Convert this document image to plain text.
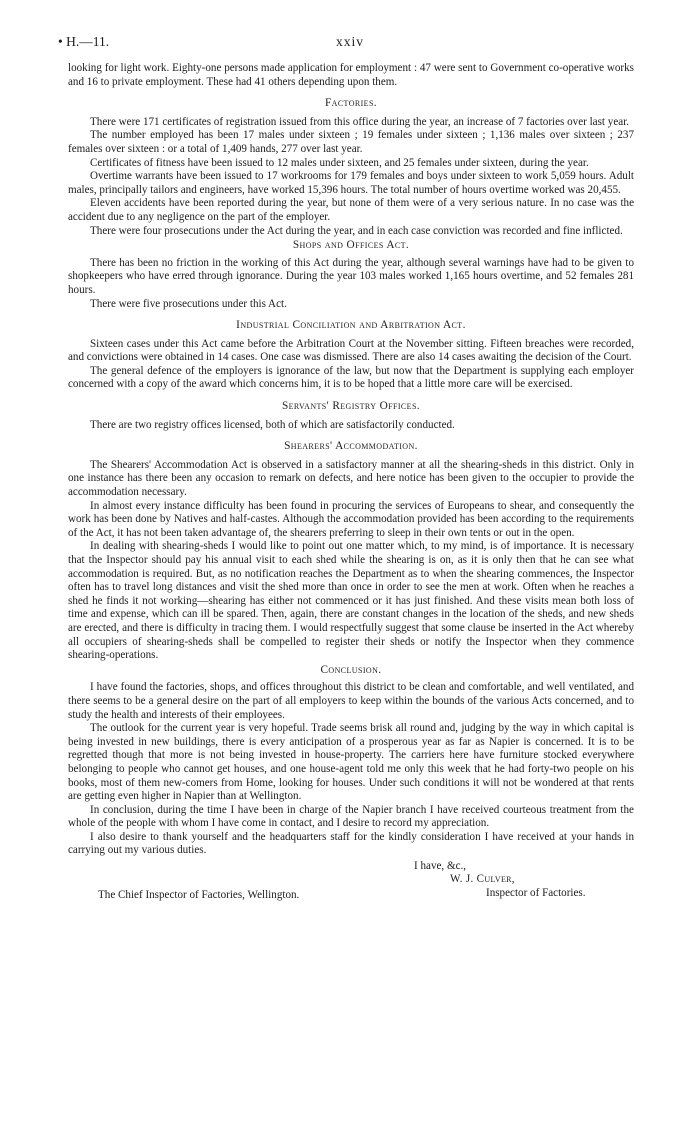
• H.—11.	xxiv

looking for light work. Eighty-one persons made application for employment : 47 were sent to Government co-operative works and 16 to private employment. These had 41 others depending upon them.

Factories.

There were 171 certificates of registration issued from this office during the year, an increase of 7 factories over last year.

The number employed has been 17 males under sixteen ; 19 females under sixteen ; 1,136 males over sixteen ; 237 females over sixteen : or a total of 1,409 hands, 277 over last year.

Certificates of fitness have been issued to 12 males under sixteen, and 25 females under sixteen, during the year.

Overtime warrants have been issued to 17 workrooms for 179 females and boys under sixteen to work 5,059 hours. Adult males, principally tailors and engineers, have worked 15,396 hours. The total number of hours overtime worked was 20,455.

Eleven accidents have been reported during the year, but none of them were of a very serious nature. In no case was the accident due to any negligence on the part of the employer.

There were four prosecutions under the Act during the year, and in each case conviction was recorded and fine inflicted.

Shops and Offices Act.

There has been no friction in the working of this Act during the year, although several warnings have had to be given to shopkeepers who have erred through ignorance. During the year 103 males worked 1,165 hours overtime, and 52 females 281 hours.

There were five prosecutions under this Act.

Industrial Conciliation and Arbitration Act.

Sixteen cases under this Act came before the Arbitration Court at the November sitting. Fifteen breaches were recorded, and convictions were obtained in 14 cases. One case was dismissed. There are also 14 cases awaiting the decision of the Court.

The general defence of the employers is ignorance of the law, but now that the Department is supplying each employer concerned with a copy of the award which concerns him, it is to be hoped that a little more care will be exercised.

Servants' Registry Offices.

There are two registry offices licensed, both of which are satisfactorily conducted.

Shearers' Accommodation.

The Shearers' Accommodation Act is observed in a satisfactory manner at all the shearing-sheds in this district. Only in one instance has there been any occasion to remark on defects, and here notice has been given to the occupier to provide the accommodation necessary.

In almost every instance difficulty has been found in procuring the services of Europeans to shear, and consequently the work has been done by Natives and half-castes. Although the accommodation provided has been according to the requirements of the Act, it has not been taken advantage of, the shearers preferring to sleep in their own tents or out in the open.

In dealing with shearing-sheds I would like to point out one matter which, to my mind, is of importance. It is necessary that the Inspector should pay his annual visit to each shed while the shearing is on, as it is only then that he can see what accommodation is required. But, as no notification reaches the Department as to when the shearing commences, the Inspector often has to travel long distances and visit the shed more than once in order to see the men at work. Often when he reaches a shed he finds it not working—shearing has either not commenced or it has just finished. And these visits mean both loss of time and expense, which can ill be spared. Then, again, there are constant changes in the location of the sheds, and new sheds are erected, and there is difficulty in tracing them. I would respectfully suggest that some clause be inserted in the Act whereby all occupiers of shearing-sheds shall be compelled to register their sheds or notify the Inspector when they commence shearing-operations.

Conclusion.

I have found the factories, shops, and offices throughout this district to be clean and comfortable, and well ventilated, and there seems to be a general desire on the part of all employers to keep within the bounds of the various Acts concerned, and to study the health and interests of their employees.

The outlook for the current year is very hopeful. Trade seems brisk all round and, judging by the way in which capital is being invested in new buildings, there is every anticipation of a prosperous year as far as Napier is concerned. It is to be regretted though that more is not being invested in house-property. The carriers here have furniture stocked everywhere belonging to people who cannot get houses, and one house-agent told me only this week that he had forty-two people on his books, most of them new-comers from Home, looking for houses. Under such conditions it will not be wondered at that rents are getting even higher in Napier than at Wellington.

In conclusion, during the time I have been in charge of the Napier branch I have received courteous treatment from the whole of the people with whom I have come in contact, and I desire to record my appreciation.

I also desire to thank yourself and the headquarters staff for the kindly consideration I have received at your hands in carrying out my various duties.

I have, &c.,
W. J. Culver,
The Chief Inspector of Factories, Wellington.	Inspector of Factories.
